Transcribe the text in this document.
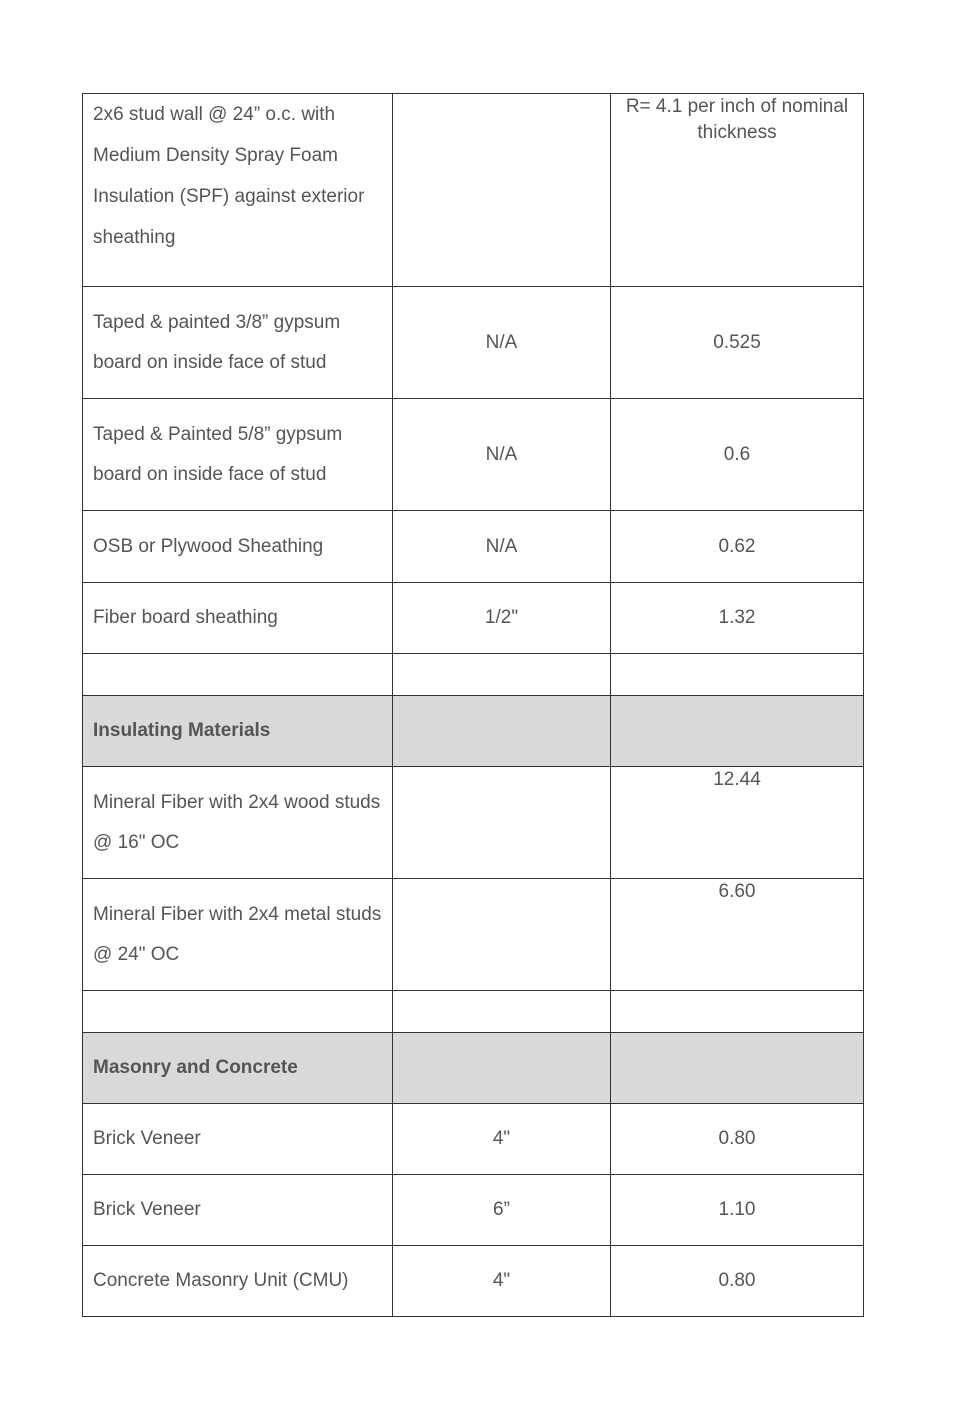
2x6 stud wall @ 24” o.c. with Medium Density Spray Foam Insulation (SPF) against exterior sheathing		R= 4.1 per inch of nominal thickness
Taped & painted 3/8” gypsum board on inside face of stud	N/A	0.525
Taped & Painted 5/8” gypsum board on inside face of stud	N/A	0.6
OSB or Plywood Sheathing	N/A	0.62
Fiber board sheathing	1/2"	1.32

Insulating Materials		
Mineral Fiber with 2x4 wood studs @ 16" OC		12.44
Mineral Fiber with 2x4 metal studs @ 24" OC		6.60

Masonry and Concrete		
Brick Veneer	4"	0.80
Brick Veneer	6”	1.10
Concrete Masonry Unit (CMU)	4"	0.80
